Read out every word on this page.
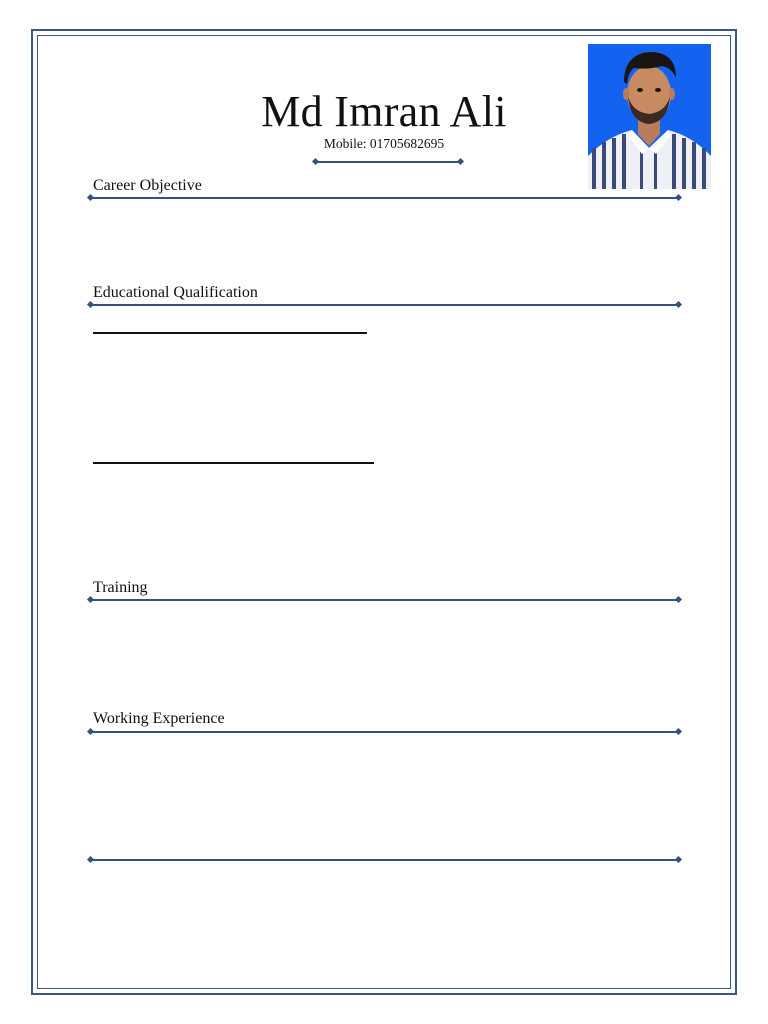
Md Imran Ali
Mobile: 01705682695
Career Objective
Educational Qualification
Training
Working Experience
